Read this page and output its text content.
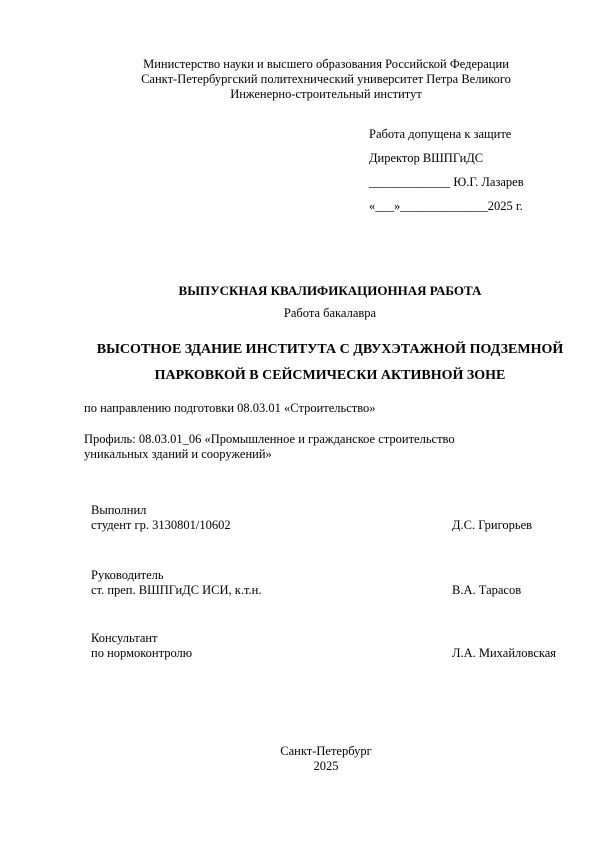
Министерство науки и высшего образования Российской Федерации
Санкт-Петербургский политехнический университет Петра Великого
Инженерно-строительный институт
Работа допущена к защите
Директор ВШПГиДС
_____________ Ю.Г. Лазарев
«___»______________2025 г.
ВЫПУСКНАЯ КВАЛИФИКАЦИОННАЯ РАБОТА
Работа бакалавра
ВЫСОТНОЕ ЗДАНИЕ ИНСТИТУТА С ДВУХЭТАЖНОЙ ПОДЗЕМНОЙ
ПАРКОВКОЙ В СЕЙСМИЧЕСКИ АКТИВНОЙ ЗОНЕ
по направлению подготовки 08.03.01 «Строительство»
Профиль: 08.03.01_06 «Промышленное и гражданское строительство
уникальных зданий и сооружений»
Выполнил
студент гр. 3130801/10602	Д.С. Григорьев
Руководитель
ст. преп. ВШПГиДС ИСИ, к.т.н.	В.А. Тарасов
Консультант
по нормоконтролю	Л.А. Михайловская
Санкт-Петербург
2025
